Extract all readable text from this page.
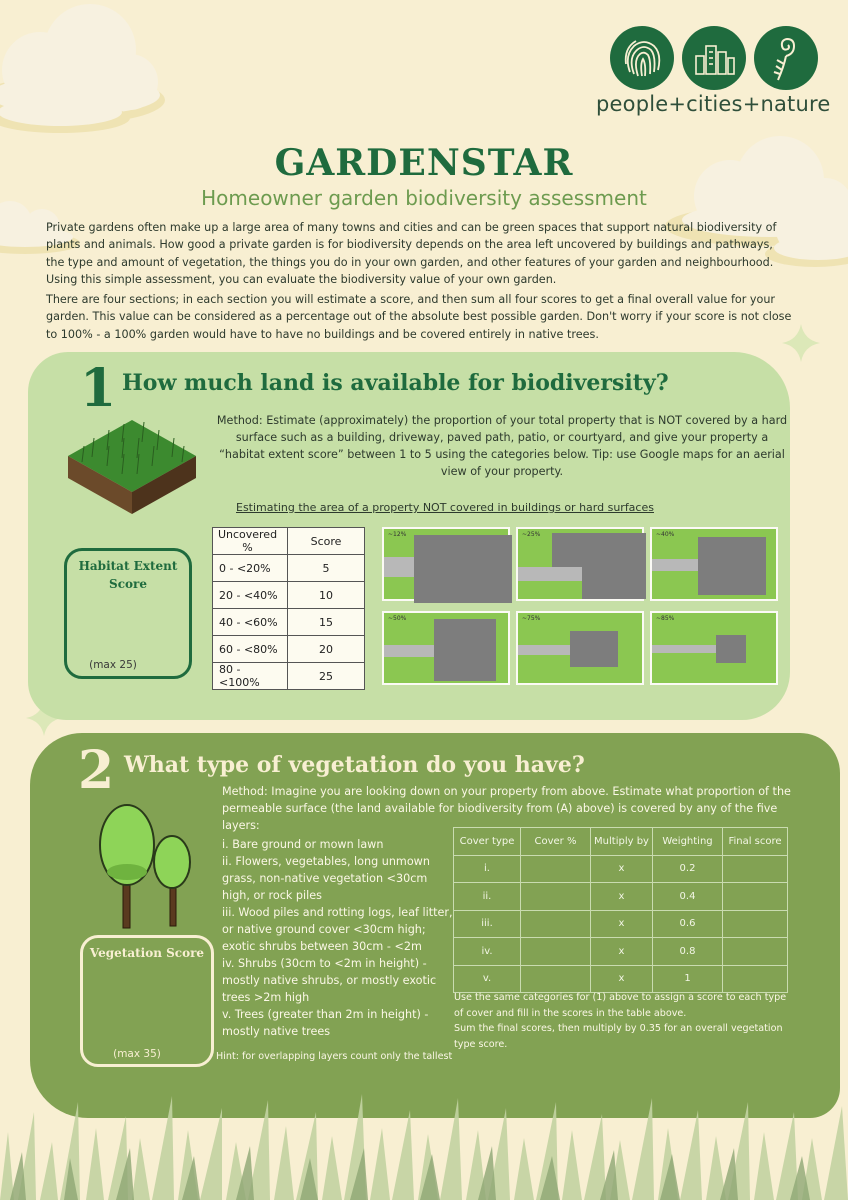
people+cities+nature
GARDENSTAR
Homeowner garden biodiversity assessment

Private gardens often make up a large area of many towns and cities and can be green spaces that support natural biodiversity of plants and animals. How good a private garden is for biodiversity depends on the area left uncovered by buildings and pathways, the type and amount of vegetation, the things you do in your own garden, and other features of your garden and neighbourhood. Using this simple assessment, you can evaluate the biodiversity value of your own garden.

There are four sections; in each section you will estimate a score, and then sum all four scores to get a final overall value for your garden. This value can be considered as a percentage out of the absolute best possible garden. Don't worry if your score is not close to 100% - a 100% garden would have to have no buildings and be covered entirely in native trees.

1 How much land is available for biodiversity?
Method: Estimate (approximately) the proportion of your total property that is NOT covered by a hard surface such as a building, driveway, paved path, patio, or courtyard, and give your property a “habitat extent score” between 1 to 5 using the categories below. Tip: use Google maps for an aerial view of your property.
Estimating the area of a property NOT covered in buildings or hard surfaces
Habitat Extent
Score
(max 25)
Uncovered %	Score
0 - <20%	5
20 - <40%	10
40 - <60%	15
60 - <80%	20
80 - <100%	25
~12%	~25%	~40%
~50%	~75%	~85%
2 What type of vegetation do you have?
Method: Imagine you are looking down on your property from above. Estimate what proportion of the permeable surface (the land available for biodiversity from (A) above) is covered by any of the five layers:
i. Bare ground or mown lawn
ii. Flowers, vegetables, long unmown grass, non-native vegetation <30cm high, or rock piles
iii. Wood piles and rotting logs, leaf litter, or native ground cover <30cm high; exotic shrubs between 30cm - <2m
iv. Shrubs (30cm to <2m in height) - mostly native shrubs, or mostly exotic trees >2m high
v. Trees (greater than 2m in height) - mostly native trees
Vegetation Score
(max 35)	Hint: for overlapping layers count only the tallest
Cover type	Cover %	Multiply by	Weighting	Final score
i.		x	0.2	
ii.		x	0.4	
iii.		x	0.6	
iv.		x	0.8	
v.		x	1	
Use the same categories for (1) above to assign a score to each type of cover and fill in the scores in the table above.
Sum the final scores, then multiply by 0.35 for an overall vegetation type score.
